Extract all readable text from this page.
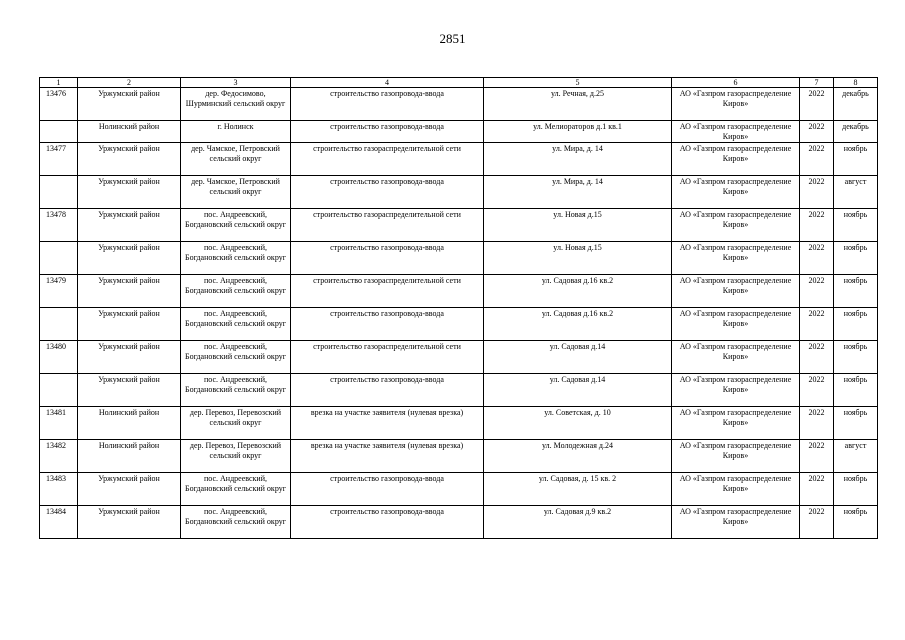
2851
1	2	3	4	5	6	7	8
13476	Уржумский район	дер. Федосимово, Шурминский сельский округ	строительство газопровода-ввода	ул. Речная, д.25	АО «Газпром газораспределение Киров»	2022	декабрь
	Нолинский район	г. Нолинск	строительство газопровода-ввода	ул. Мелиораторов д.1 кв.1	АО «Газпром газораспределение Киров»	2022	декабрь
13477	Уржумский район	дер. Чамское, Петровский сельский округ	строительство газораспределительной сети	ул. Мира, д. 14	АО «Газпром газораспределение Киров»	2022	ноябрь
	Уржумский район	дер. Чамское, Петровский сельский округ	строительство газопровода-ввода	ул. Мира, д. 14	АО «Газпром газораспределение Киров»	2022	август
13478	Уржумский район	пос. Андреевский, Богдановский сельский округ	строительство газораспределительной сети	ул. Новая д.15	АО «Газпром газораспределение Киров»	2022	ноябрь
	Уржумский район	пос. Андреевский, Богдановский сельский округ	строительство газопровода-ввода	ул. Новая д.15	АО «Газпром газораспределение Киров»	2022	ноябрь
13479	Уржумский район	пос. Андреевский, Богдановский сельский округ	строительство газораспределительной сети	ул. Садовая д.16 кв.2	АО «Газпром газораспределение Киров»	2022	ноябрь
	Уржумский район	пос. Андреевский, Богдановский сельский округ	строительство газопровода-ввода	ул. Садовая д.16 кв.2	АО «Газпром газораспределение Киров»	2022	ноябрь
13480	Уржумский район	пос. Андреевский, Богдановский сельский округ	строительство газораспределительной сети	ул. Садовая д.14	АО «Газпром газораспределение Киров»	2022	ноябрь
	Уржумский район	пос. Андреевский, Богдановский сельский округ	строительство газопровода-ввода	ул. Садовая д.14	АО «Газпром газораспределение Киров»	2022	ноябрь
13481	Нолинский район	дер. Перевоз, Перевозский сельский округ	врезка на участке заявителя (нулевая врезка)	ул. Советская, д. 10	АО «Газпром газораспределение Киров»	2022	ноябрь
13482	Нолинский район	дер. Перевоз, Перевозский сельский округ	врезка на участке заявителя (нулевая врезка)	ул. Молодежная д.24	АО «Газпром газораспределение Киров»	2022	август
13483	Уржумский район	пос. Андреевский, Богдановский сельский округ	строительство газопровода-ввода	ул. Садовая, д. 15 кв. 2	АО «Газпром газораспределение Киров»	2022	ноябрь
13484	Уржумский район	пос. Андреевский, Богдановский сельский округ	строительство газопровода-ввода	ул. Садовая д.9 кв.2	АО «Газпром газораспределение Киров»	2022	ноябрь
